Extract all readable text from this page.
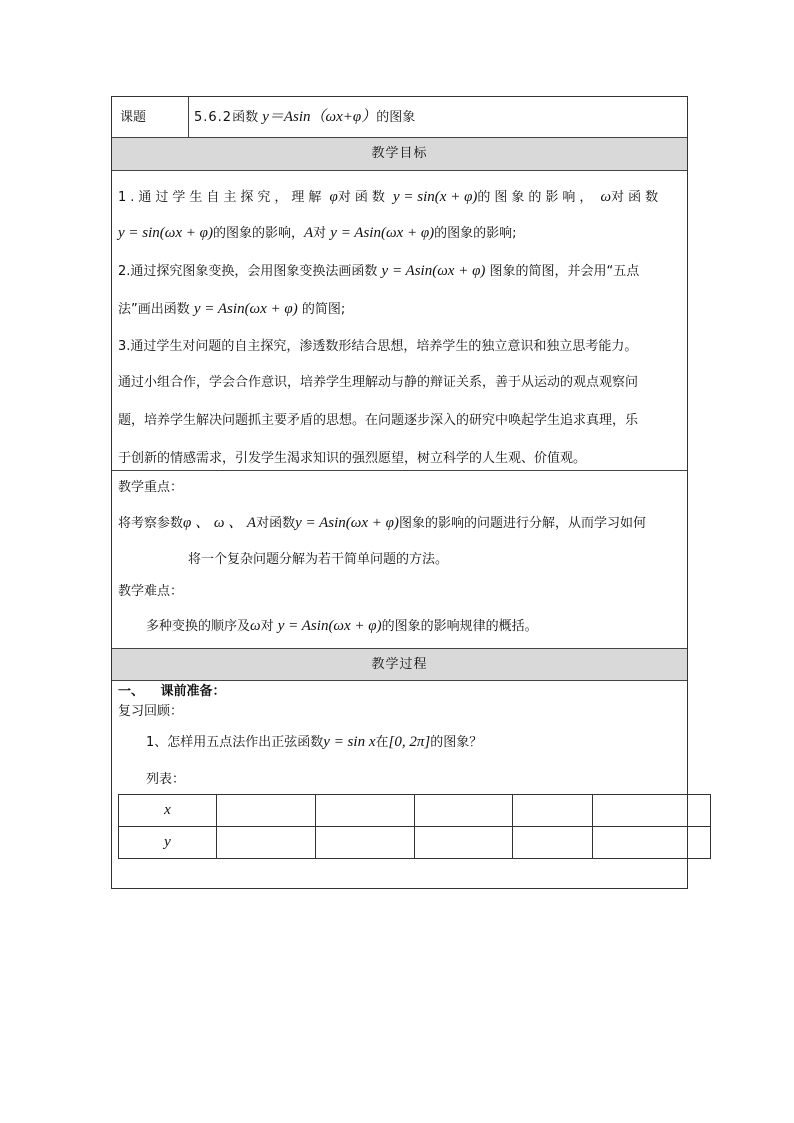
课题	5.6.2函数 y＝Asin（ωx+φ）的图象
教学目标
1.通过学生自主探究，理解 φ对函数 y = sin(x + φ)的图象的影响， ω对函数
y = sin(ωx + φ)的图象的影响，A对 y = Asin(ωx + φ)的图象的影响;
2.通过探究图象变换，会用图象变换法画函数 y = Asin(ωx + φ) 图象的简图，并会用“五点
法”画出函数 y = Asin(ωx + φ) 的简图;
3.通过学生对问题的自主探究，渗透数形结合思想，培养学生的独立意识和独立思考能力。
通过小组合作，学会合作意识，培养学生理解动与静的辩证关系，善于从运动的观点观察问
题，培养学生解决问题抓主要矛盾的思想。在问题逐步深入的研究中唤起学生追求真理，乐
于创新的情感需求，引发学生渴求知识的强烈愿望，树立科学的人生观、价值观。
教学重点：
将考察参数φ 、 ω 、 A对函数y = Asin(ωx + φ)图象的影响的问题进行分解，从而学习如何
将一个复杂问题分解为若干简单问题的方法。
教学难点：
多种变换的顺序及ω对 y = Asin(ωx + φ)的图象的影响规律的概括。
教学过程
一、 课前准备：
复习回顾：
1、怎样用五点法作出正弦函数y = sin x在[0, 2π]的图象？
列表：
x					
y					
